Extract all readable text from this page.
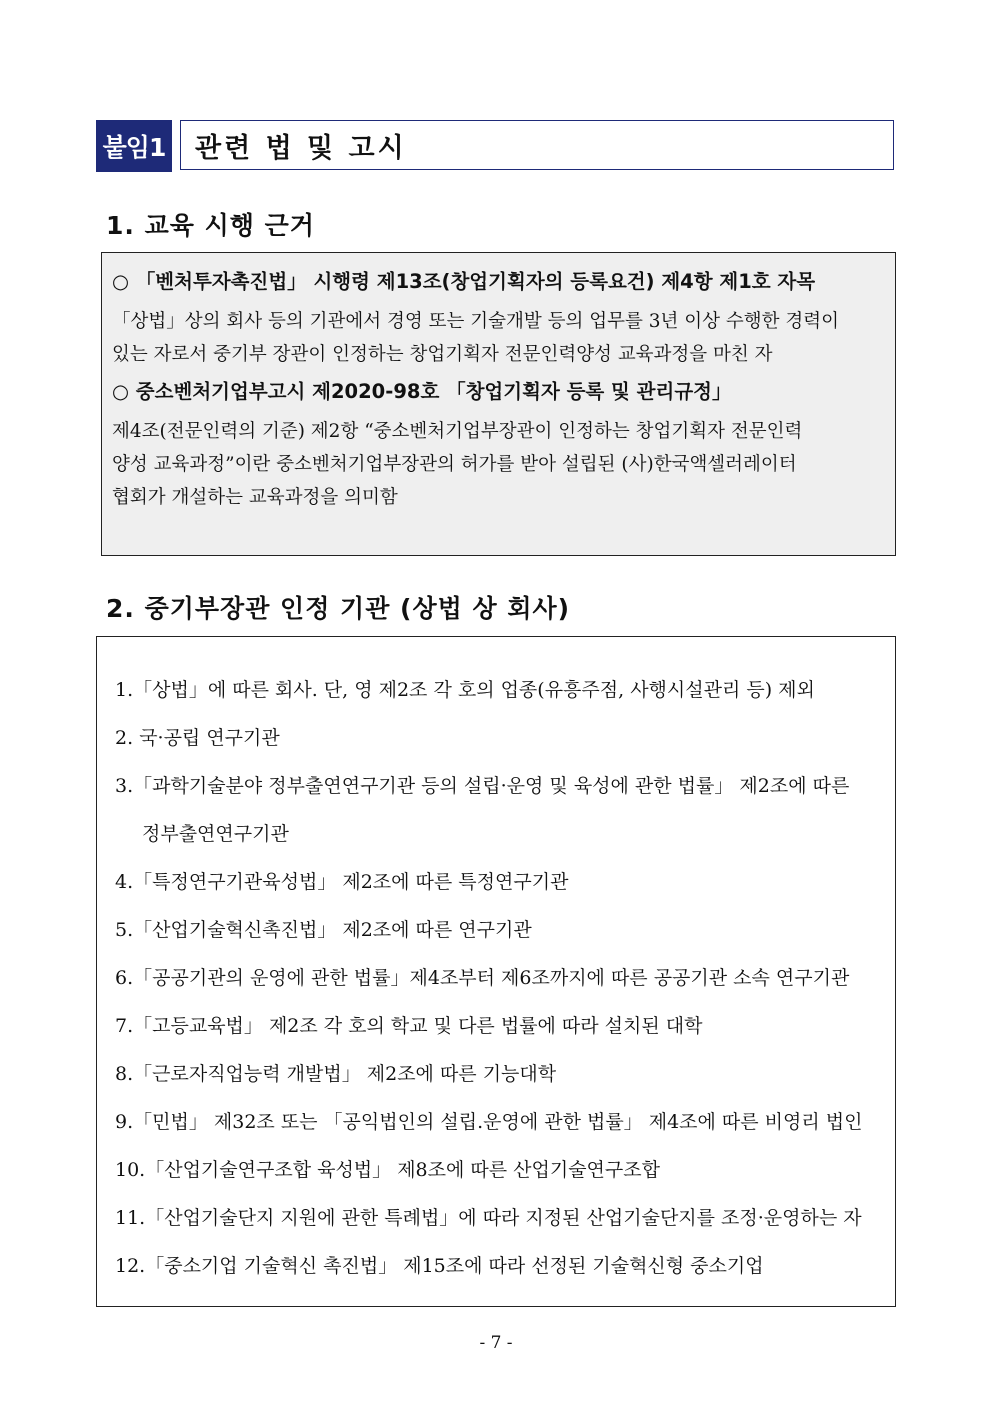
붙임1	관련 법 및 고시
1. 교육 시행 근거
○ 「벤처투자촉진법」 시행령 제13조(창업기획자의 등록요건) 제4항 제1호 자목
「상법」상의 회사 등의 기관에서 경영 또는 기술개발 등의 업무를 3년 이상 수행한 경력이
있는 자로서 중기부 장관이 인정하는 창업기획자 전문인력양성 교육과정을 마친 자
○ 중소벤처기업부고시 제2020-98호 「창업기획자 등록 및 관리규정」
제4조(전문인력의 기준) 제2항 “중소벤처기업부장관이 인정하는 창업기획자 전문인력
양성 교육과정”이란 중소벤처기업부장관의 허가를 받아 설립된 (사)한국액셀러레이터
협회가 개설하는 교육과정을 의미함
2. 중기부장관 인정 기관 (상법 상 회사)
1.「상법」에 따른 회사. 단, 영 제2조 각 호의 업종(유흥주점, 사행시설관리 등) 제외
2. 국·공립 연구기관
3.「과학기술분야 정부출연연구기관 등의 설립·운영 및 육성에 관한 법률」 제2조에 따른
정부출연연구기관
4.「특정연구기관육성법」 제2조에 따른 특정연구기관
5.「산업기술혁신촉진법」 제2조에 따른 연구기관
6.「공공기관의 운영에 관한 법률」제4조부터 제6조까지에 따른 공공기관 소속 연구기관
7.「고등교육법」 제2조 각 호의 학교 및 다른 법률에 따라 설치된 대학
8.「근로자직업능력 개발법」 제2조에 따른 기능대학
9.「민법」 제32조 또는 「공익법인의 설립.운영에 관한 법률」 제4조에 따른 비영리 법인
10.「산업기술연구조합 육성법」 제8조에 따른 산업기술연구조합
11.「산업기술단지 지원에 관한 특례법」에 따라 지정된 산업기술단지를 조정·운영하는 자
12.「중소기업 기술혁신 촉진법」 제15조에 따라 선정된 기술혁신형 중소기업
- 7 -
